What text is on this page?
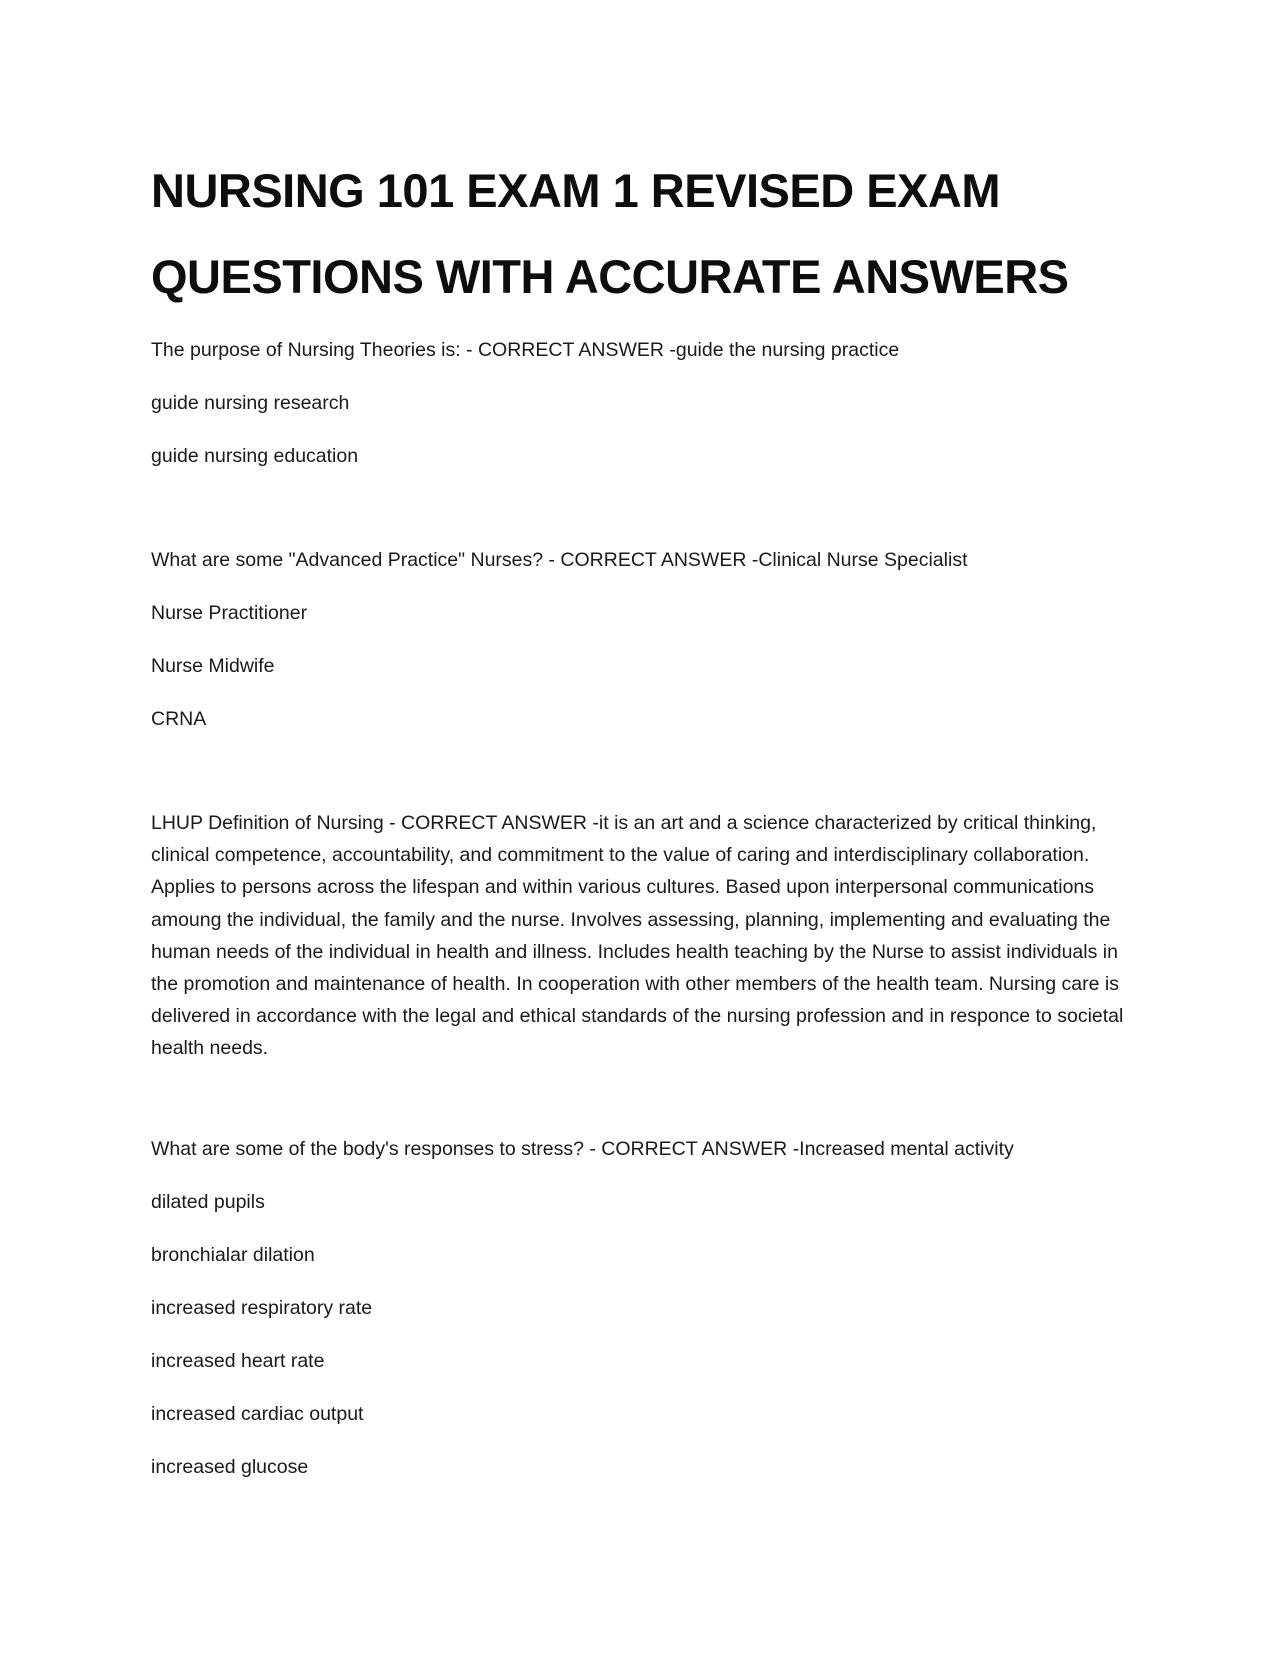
NURSING 101 EXAM 1 REVISED EXAM
QUESTIONS WITH ACCURATE ANSWERS

The purpose of Nursing Theories is: - CORRECT ANSWER -guide the nursing practice

guide nursing research

guide nursing education

What are some "Advanced Practice" Nurses? - CORRECT ANSWER -Clinical Nurse Specialist

Nurse Practitioner

Nurse Midwife

CRNA

LHUP Definition of Nursing - CORRECT ANSWER -it is an art and a science characterized by critical thinking, clinical competence, accountability, and commitment to the value of caring and interdisciplinary collaboration. Applies to persons across the lifespan and within various cultures. Based upon interpersonal communications amoung the individual, the family and the nurse. Involves assessing, planning, implementing and evaluating the human needs of the individual in health and illness. Includes health teaching by the Nurse to assist individuals in the promotion and maintenance of health. In cooperation with other members of the health team. Nursing care is delivered in accordance with the legal and ethical standards of the nursing profession and in responce to societal health needs.

What are some of the body's responses to stress? - CORRECT ANSWER -Increased mental activity

dilated pupils

bronchialar dilation

increased respiratory rate

increased heart rate

increased cardiac output

increased glucose
